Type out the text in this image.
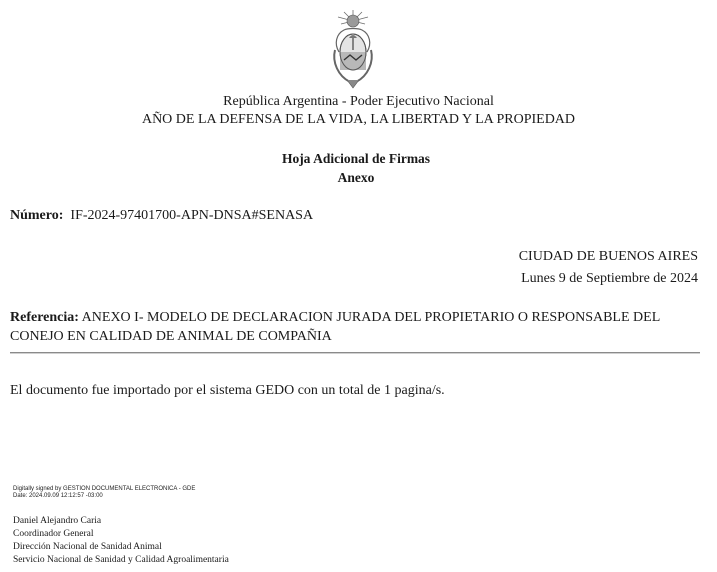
República Argentina - Poder Ejecutivo Nacional
AÑO DE LA DEFENSA DE LA VIDA, LA LIBERTAD Y LA PROPIEDAD
Hoja Adicional de Firmas
Anexo
Número: IF-2024-97401700-APN-DNSA#SENASA
CIUDAD DE BUENOS AIRES
Lunes 9 de Septiembre de 2024
Referencia: ANEXO I- MODELO DE DECLARACION JURADA DEL PROPIETARIO O RESPONSABLE DEL CONEJO EN CALIDAD DE ANIMAL DE COMPAÑIA
El documento fue importado por el sistema GEDO con un total de 1 pagina/s.
Digitally signed by GESTION DOCUMENTAL ELECTRONICA - GDE
Date: 2024.09.09 12:12:57 -03:00
Daniel Alejandro Caria
Coordinador General
Dirección Nacional de Sanidad Animal
Servicio Nacional de Sanidad y Calidad Agroalimentaria
